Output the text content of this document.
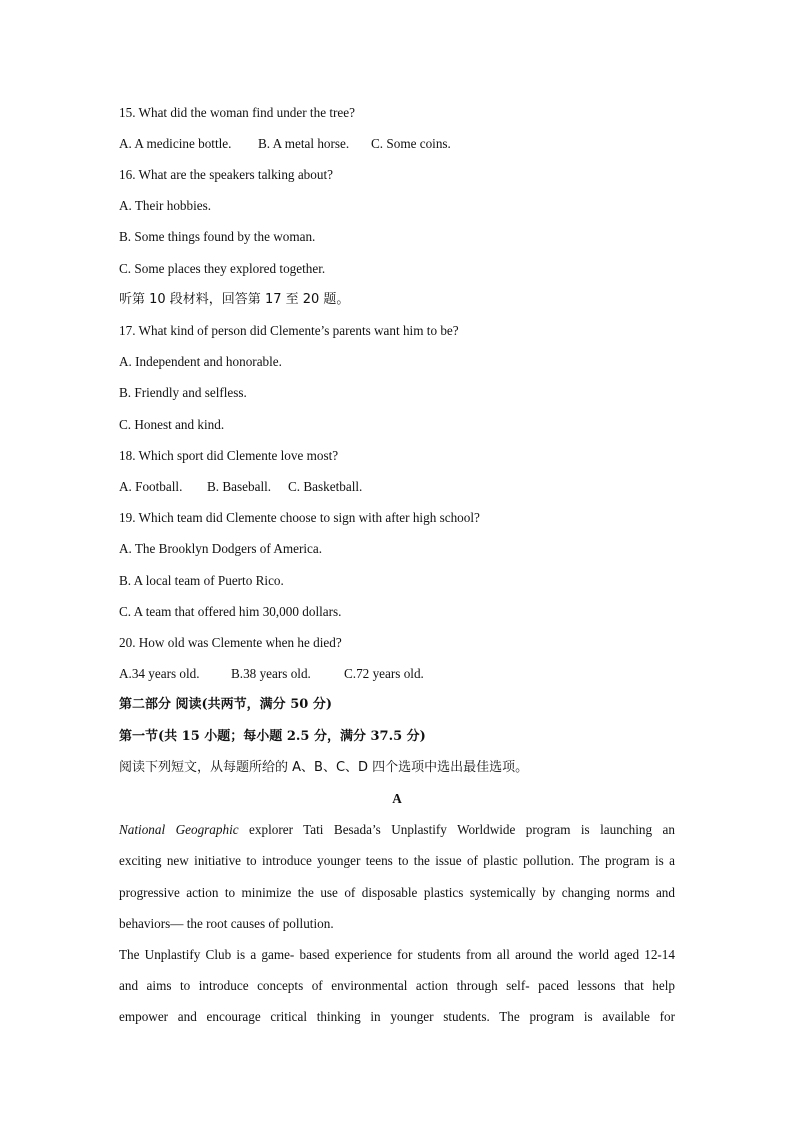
15. What did the woman find under the tree?

A. A medicine bottle. B. A metal horse. C. Some coins.

16. What are the speakers talking about?

A. Their hobbies.

B. Some things found by the woman.

C. Some places they explored together.

听第 10 段材料，回答第 17 至 20 题。

17. What kind of person did Clemente’s parents want him to be?

A. Independent and honorable.

B. Friendly and selfless.

C. Honest and kind.

18. Which sport did Clemente love most?

A. Football. B. Baseball. C. Basketball.

19. Which team did Clemente choose to sign with after high school?

A. The Brooklyn Dodgers of America.

B. A local team of Puerto Rico.

C. A team that offered him 30,000 dollars.

20. How old was Clemente when he died?

A.34 years old. B.38 years old.	C.72 years old.

第二部分 阅读(共两节，满分 50 分)

第一节(共 15 小题；每小题 2.5 分，满分 37.5 分)

阅读下列短文，从每题所给的 A、B、C、D 四个选项中选出最佳选项。

A

National Geographic explorer Tati Besada’s Unplastify Worldwide program is launching an

exciting new initiative to introduce younger teens to the issue of plastic pollution. The program is a

progressive action to minimize the use of disposable plastics systemically by changing norms and

behaviors— the root causes of pollution.

The Unplastify Club is a game- based experience for students from all around the world aged 12-14

and aims to introduce concepts of environmental action through self- paced lessons that help

empower and encourage critical thinking in younger students. The program is available for
